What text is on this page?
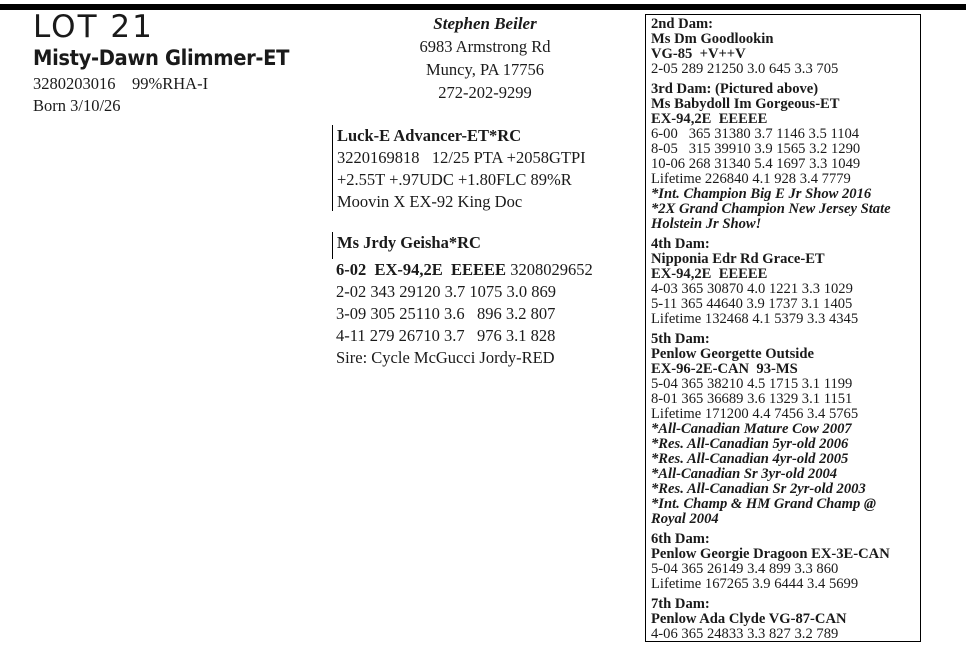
LOT 21
Misty-Dawn Glimmer-ET
3280203016    99%RHA-I
Born 3/10/26
Stephen Beiler
6983 Armstrong Rd
Muncy, PA 17756
272-202-9299
Luck-E Advancer-ET*RC
3220169818   12/25 PTA +2058GTPI
+2.55T +.97UDC +1.80FLC 89%R
Moovin X EX-92 King Doc
Ms Jrdy Geisha*RC
6-02  EX-94,2E  EEEEE 3208029652
2-02 343 29120 3.7 1075 3.0 869
3-09 305 25110 3.6   896 3.2 807
4-11 279 26710 3.7   976 3.1 828
Sire: Cycle McGucci Jordy-RED
2nd Dam:
Ms Dm Goodlookin
VG-85  +V++V
2-05 289 21250 3.0 645 3.3 705
3rd Dam: (Pictured above)
Ms Babydoll Im Gorgeous-ET
EX-94,2E  EEEEE
6-00   365 31380 3.7 1146 3.5 1104
8-05   315 39910 3.9 1565 3.2 1290
10-06 268 31340 5.4 1697 3.3 1049
Lifetime 226840 4.1 928 3.4 7779
*Int. Champion Big E Jr Show 2016
*2X Grand Champion New Jersey State
Holstein Jr Show!
4th Dam:
Nipponia Edr Rd Grace-ET
EX-94,2E  EEEEE
4-03 365 30870 4.0 1221 3.3 1029
5-11 365 44640 3.9 1737 3.1 1405
Lifetime 132468 4.1 5379 3.3 4345
5th Dam:
Penlow Georgette Outside
EX-96-2E-CAN  93-MS
5-04 365 38210 4.5 1715 3.1 1199
8-01 365 36689 3.6 1329 3.1 1151
Lifetime 171200 4.4 7456 3.4 5765
*All-Canadian Mature Cow 2007
*Res. All-Canadian 5yr-old 2006
*Res. All-Canadian 4yr-old 2005
*All-Canadian Sr 3yr-old 2004
*Res. All-Canadian Sr 2yr-old 2003
*Int. Champ & HM Grand Champ @
Royal 2004
6th Dam:
Penlow Georgie Dragoon EX-3E-CAN
5-04 365 26149 3.4 899 3.3 860
Lifetime 167265 3.9 6444 3.4 5699
7th Dam:
Penlow Ada Clyde VG-87-CAN
4-06 365 24833 3.3 827 3.2 789
